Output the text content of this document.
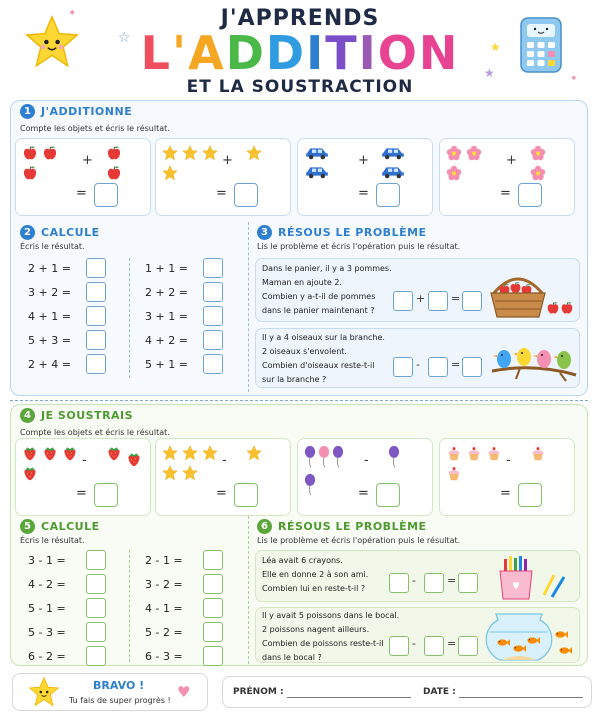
☆
✦	J'APPRENDS
L'ADDITION
ET LA SOUSTRACTION
★
★	✦
1 J'ADDITIONNE
Compte les objets et écris le résultat.
+
=
+
=
+
=
+
=
2 CALCULE
Écris le résultat.
2 + 1 =
3 + 2 =
4 + 1 =
5 + 3 =
2 + 4 =
1 + 1 =
2 + 2 =
3 + 1 =
4 + 2 =
5 + 1 =
3 RÉSOUS LE PROBLÈME
Lis le problème et écris l'opération puis le résultat.
Dans le panier, il y a 3 pommes.
Maman en ajoute 2.
Combien y a-t-il de pommes
dans le panier maintenant ?
+ =
Il y a 4 oiseaux sur la branche.
2 oiseaux s'envolent.
Combien d'oiseaux reste-t-il
sur la branche ?
-	=
4 JE SOUSTRAIS
Compte les objets et écris le résultat.
-
=
-
=
-
=
-
=
5 CALCULE
Écris le résultat.
3 - 1 =
4 - 2 =
5 - 1 =
5 - 3 =
6 - 2 =
2 - 1 =
3 - 2 =
4 - 1 =
5 - 2 =
6 - 3 =
6 RÉSOUS LE PROBLÈME
Lis le problème et écris l'opération puis le résultat.
Léa avait 6 crayons.
Elle en donne 2 à son ami.
Combien lui en reste-t-il ?
-	=
Il y avait 5 poissons dans le bocal.
2 poissons nagent ailleurs.
Combien de poissons reste-t-il
dans le bocal ?
-	=
BRAVO !
Tu fais de super progrès ! ♥	PRÉNOM :	DATE :
